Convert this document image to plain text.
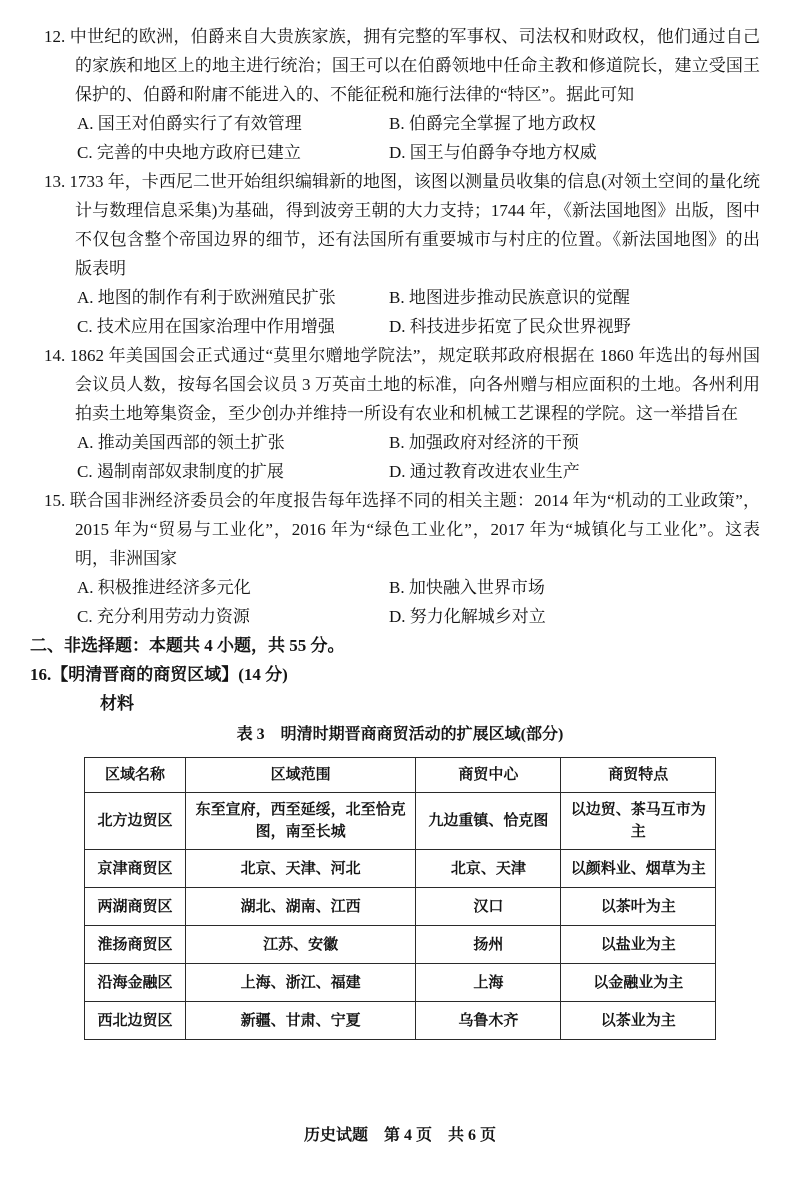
12. 中世纪的欧洲，伯爵来自大贵族家族，拥有完整的军事权、司法权和财政权，他们通过自己的家族和地区上的地主进行统治；国王可以在伯爵领地中任命主教和修道院长，建立受国王保护的、伯爵和附庸不能进入的、不能征税和施行法律的“特区”。据此可知
A. 国王对伯爵实行了有效管理	B. 伯爵完全掌握了地方政权
C. 完善的中央地方政府已建立	D. 国王与伯爵争夺地方权威
13. 1733 年，卡西尼二世开始组织编辑新的地图，该图以测量员收集的信息(对领土空间的量化统计与数理信息采集)为基础，得到波旁王朝的大力支持；1744 年，《新法国地图》出版，图中不仅包含整个帝国边界的细节，还有法国所有重要城市与村庄的位置。《新法国地图》的出版表明
A. 地图的制作有利于欧洲殖民扩张	B. 地图进步推动民族意识的觉醒
C. 技术应用在国家治理中作用增强	D. 科技进步拓宽了民众世界视野
14. 1862 年美国国会正式通过“莫里尔赠地学院法”，规定联邦政府根据在 1860 年选出的每州国会议员人数，按每名国会议员 3 万英亩土地的标准，向各州赠与相应面积的土地。各州利用拍卖土地筹集资金，至少创办并维持一所设有农业和机械工艺课程的学院。这一举措旨在
A. 推动美国西部的领土扩张	B. 加强政府对经济的干预
C. 遏制南部奴隶制度的扩展	D. 通过教育改进农业生产
15. 联合国非洲经济委员会的年度报告每年选择不同的相关主题：2014 年为“机动的工业政策”，2015 年为“贸易与工业化”，2016 年为“绿色工业化”，2017 年为“城镇化与工业化”。这表明，非洲国家
A. 积极推进经济多元化	B. 加快融入世界市场
C. 充分利用劳动力资源	D. 努力化解城乡对立
二、非选择题：本题共 4 小题，共 55 分。
16.【明清晋商的商贸区域】(14 分)
材料
表 3　明清时期晋商商贸活动的扩展区域(部分)
区域名称	区域范围	商贸中心	商贸特点
北方边贸区	东至宣府，西至延绥，北至恰克图，南至长城	九边重镇、恰克图	以边贸、茶马互市为主
京津商贸区	北京、天津、河北	北京、天津	以颜料业、烟草为主
两湖商贸区	湖北、湖南、江西	汉口	以茶叶为主
淮扬商贸区	江苏、安徽	扬州	以盐业为主
沿海金融区	上海、浙江、福建	上海	以金融业为主
西北边贸区	新疆、甘肃、宁夏	乌鲁木齐	以茶业为主
历史试题　第 4 页　共 6 页
